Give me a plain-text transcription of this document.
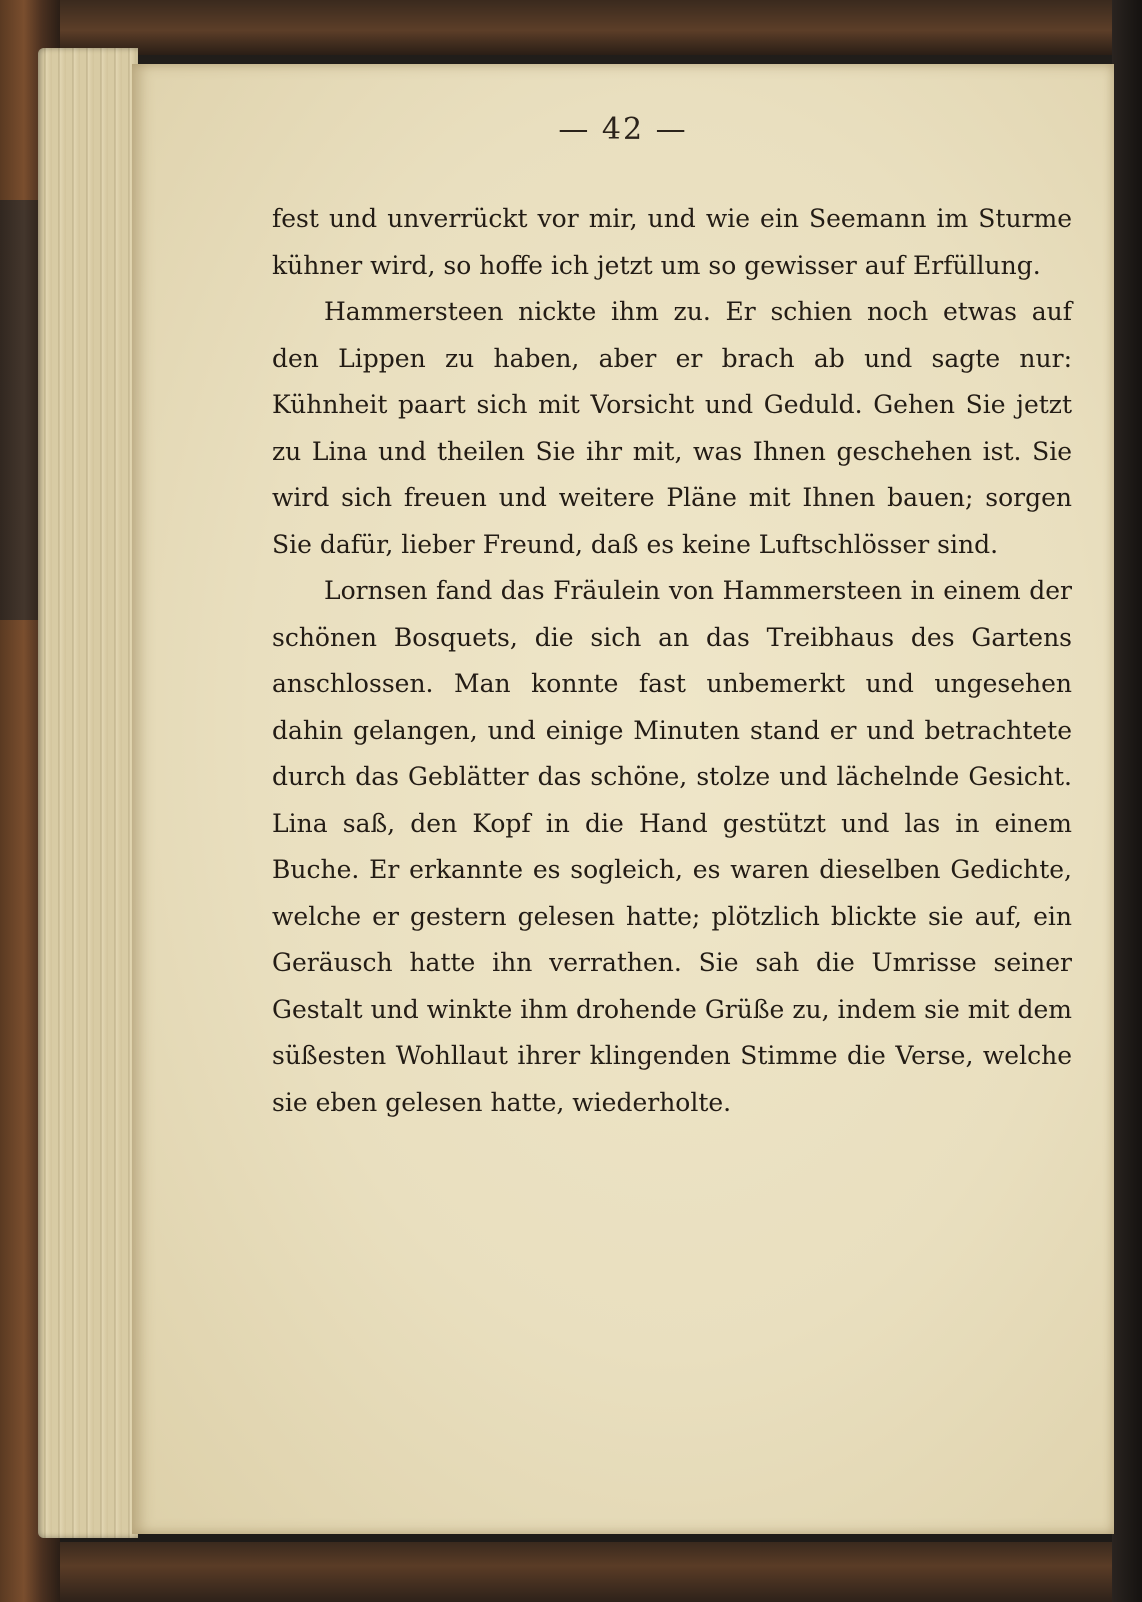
— 42 —

fest und unverrückt vor mir, und wie ein Seemann im Sturme kühner wird, so hoffe ich jetzt um so gewisser auf Erfüllung.

Hammersteen nickte ihm zu. Er schien noch etwas auf den Lippen zu haben, aber er brach ab und sagte nur: Kühnheit paart sich mit Vorsicht und Geduld. Gehen Sie jetzt zu Lina und theilen Sie ihr mit, was Ihnen geschehen ist. Sie wird sich freuen und weitere Pläne mit Ihnen bauen; sorgen Sie dafür, lieber Freund, daß es keine Luftschlösser sind.

Lornsen fand das Fräulein von Hammersteen in einem der schönen Bosquets, die sich an das Treibhaus des Gartens anschlossen. Man konnte fast unbemerkt und ungesehen dahin gelangen, und einige Minuten stand er und betrachtete durch das Geblätter das schöne, stolze und lächelnde Gesicht. Lina saß, den Kopf in die Hand gestützt und las in einem Buche. Er erkannte es sogleich, es waren dieselben Gedichte, welche er gestern gelesen hatte; plötzlich blickte sie auf, ein Geräusch hatte ihn verrathen. Sie sah die Umrisse seiner Gestalt und winkte ihm drohende Grüße zu, indem sie mit dem süßesten Wohllaut ihrer klingenden Stimme die Verse, welche sie eben gelesen hatte, wiederholte.
